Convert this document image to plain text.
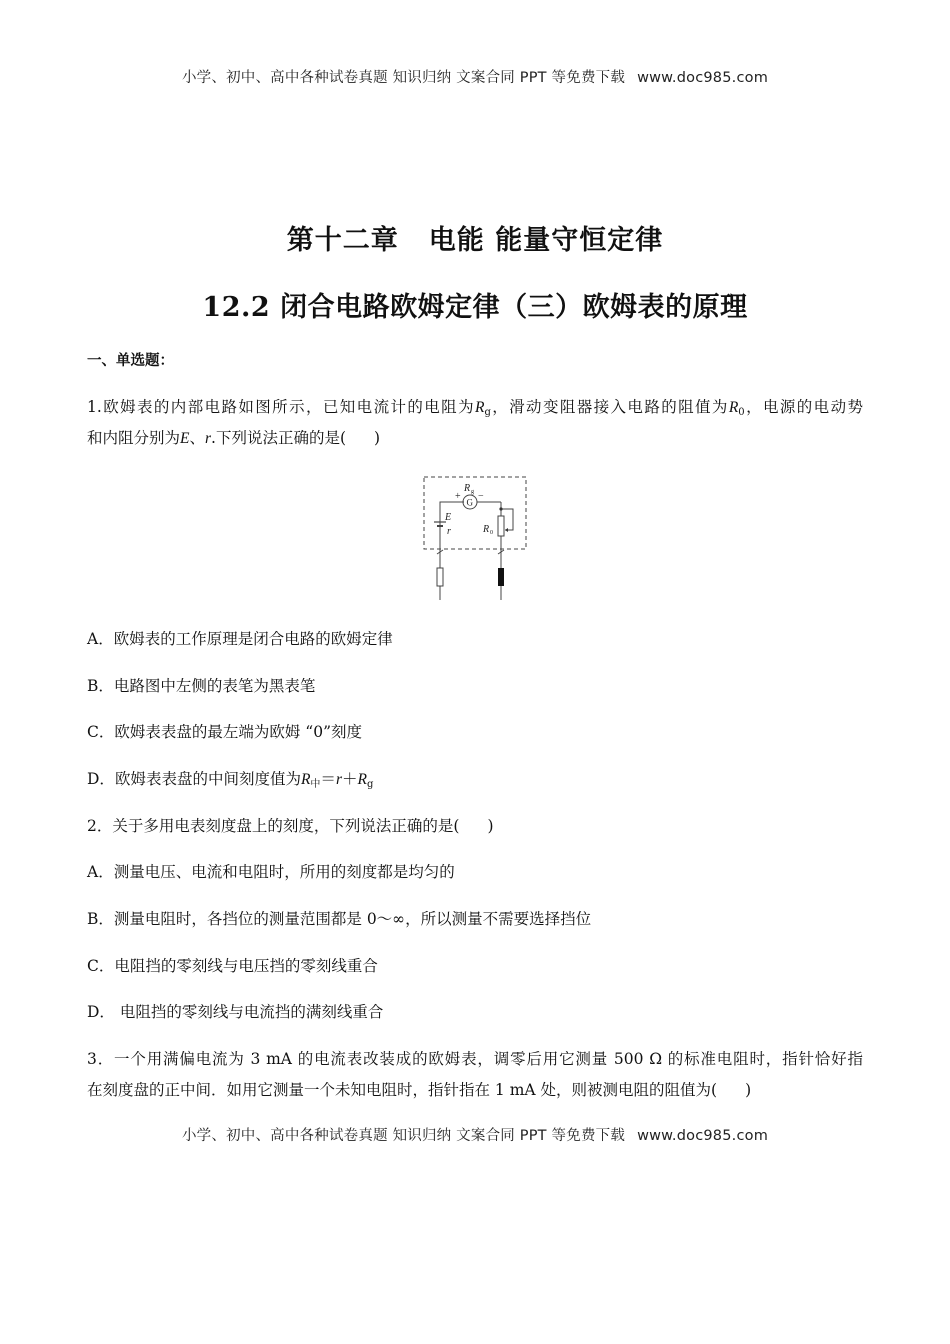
小学、初中、高中各种试卷真题 知识归纳 文案合同 PPT 等免费下载 www.doc985.com
第十二章 电能 能量守恒定律
12.2 闭合电路欧姆定律（三）欧姆表的原理
一、单选题：
1.欧姆表的内部电路如图所示，已知电流计的电阻为$R_g$，滑动变阻器接入电路的阻值为$R_0$，电源的电动势
和内阻分别为E、r.下列说法正确的是( )
R g
G
+ −
E
r	R 0
A．欧姆表的工作原理是闭合电路的欧姆定律
B．电路图中左侧的表笔为黑表笔
C．欧姆表表盘的最左端为欧姆 “0”刻度
D．欧姆表表盘的中间刻度值为$R_中=r+R_g$
2．关于多用电表刻度盘上的刻度，下列说法正确的是( )
A．测量电压、电流和电阻时，所用的刻度都是均匀的
B．测量电阻时，各挡位的测量范围都是 0～∞，所以测量不需要选择挡位
C．电阻挡的零刻线与电压挡的零刻线重合
D． 电阻挡的零刻线与电流挡的满刻线重合
3．一个用满偏电流为 3 mA 的电流表改装成的欧姆表，调零后用它测量 500 Ω 的标准电阻时，指针恰好指
在刻度盘的正中间．如用它测量一个未知电阻时，指针指在 1 mA 处，则被测电阻的阻值为( )
小学、初中、高中各种试卷真题 知识归纳 文案合同 PPT 等免费下载 www.doc985.com
